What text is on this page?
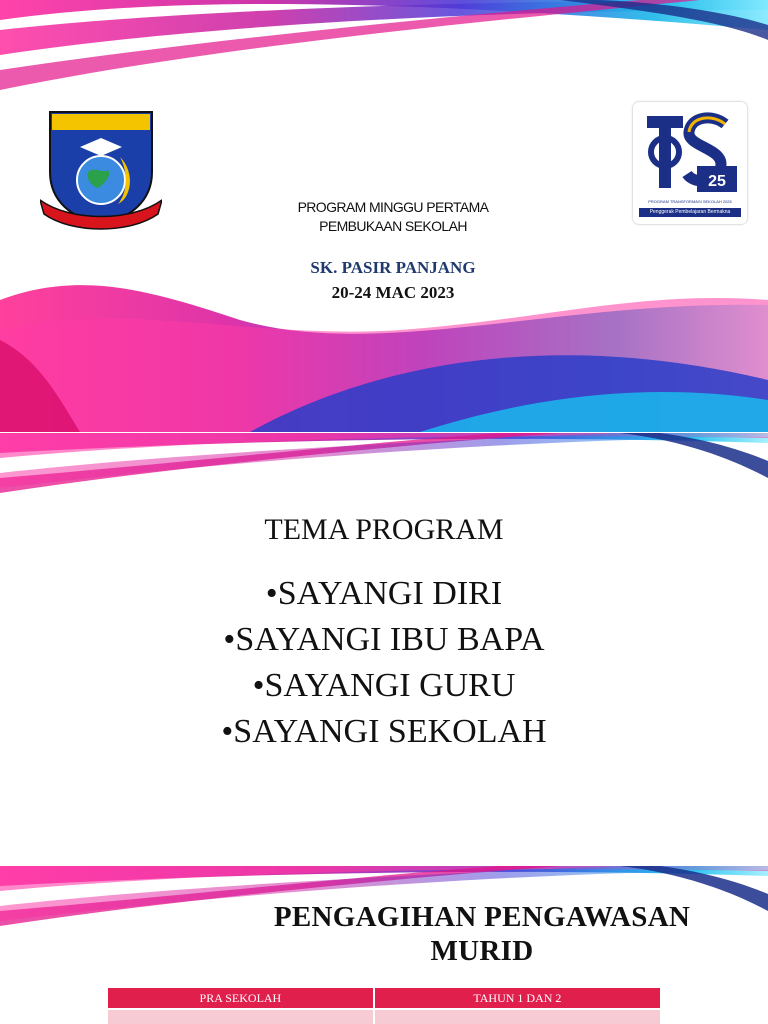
25
PROGRAM TRANSFORMASI SEKOLAH 2025
Penggerak Pembelajaran Bermakna
PROGRAM MINGGU PERTAMA
PEMBUKAAN SEKOLAH
SK. PASIR PANJANG
20-24 MAC 2023
TEMA PROGRAM
•SAYANGI DIRI
•SAYANGI IBU BAPA
•SAYANGI GURU
•SAYANGI SEKOLAH
PENGAGIHAN PENGAWASAN
MURID
PRA SEKOLAH	TAHUN 1 DAN 2
